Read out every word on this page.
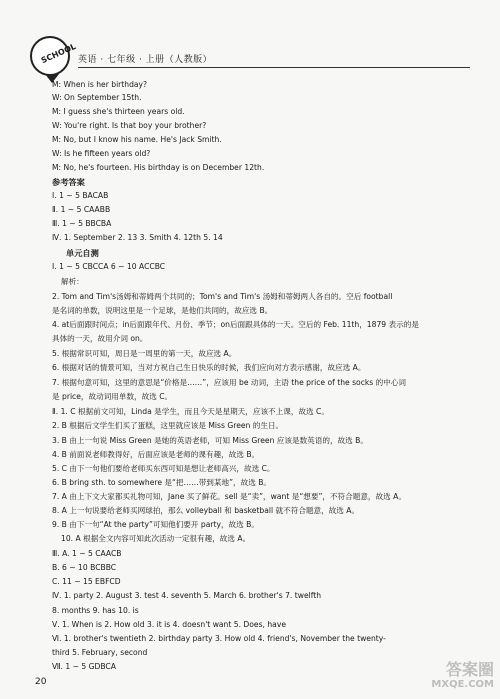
SCHOOL 英语 · 七年级 · 上册（人教版）
M: When is her birthday?
W: On September 15th.
M: I guess she's thirteen years old.
W: You're right. Is that boy your brother?
M: No, but I know his name. He's Jack Smith.
W: Is he fifteen years old?
M: No, he's fourteen. His birthday is on December 12th.
参考答案
Ⅰ. 1 ~ 5 BACAB
Ⅱ. 1 ~ 5 CAABB
Ⅲ. 1 ~ 5 BBCBA
Ⅳ. 1. September 2. 13 3. Smith 4. 12th 5. 14
单元自测
Ⅰ. 1 ~ 5 CBCCA 6 ~ 10 ACCBC
解析：
2. Tom and Tim's汤姆和蒂姆两个共同的；Tom's and Tim's 汤姆和蒂姆两人各自的。空后 football
是名词的单数，说明这里是一个足球，是他们共同的，故应选 B。
4. at后面跟时间点；in后面跟年代、月份、季节；on后面跟具体的一天。空后的 Feb. 11th，1879 表示的是
具体的一天，故用介词 on。
5. 根据常识可知，周日是一周里的第一天，故应选 A。
6. 根据对话的情景可知，当对方祝自己生日快乐的时候，我们应向对方表示感谢，故应选 A。
7. 根据句意可知，这里的意思是“价格是……”，应该用 be 动词，主语 the price of the socks 的中心词
是 price，故动词用单数，故选 C。
Ⅱ. 1. C 根据前文可知，Linda 是学生，而且今天是星期天，应该不上课，故选 C。
2. B 根据后文学生们买了蛋糕，这里就应该是 Miss Green 的生日。
3. B 由上一句说 Miss Green 是她的英语老师，可知 Miss Green 应该是数英语的，故选 B。
4. B 前面说老师教得好，后面应该是老师的课有趣，故选 B。
5. C 由下一句他们要给老师买东西可知是想让老师高兴，故选 C。
6. B bring sth. to somewhere 是“把……带到某地”，故选 B。
7. A 由上下文大家都买礼物可知，Jane 买了鲜花。sell 是“卖”，want 是“想要”，不符合题意，故选 A。
8. A 上一句说要给老师买网球拍，那么 volleyball 和 basketball 就不符合题意，故选 A。
9. B 由下一句“At the party”可知他们要开 party，故选 B。
10. A 根据全文内容可知此次活动一定很有趣，故选 A。
Ⅲ. A. 1 ~ 5 CAACB
B. 6 ~ 10 BCBBC
C. 11 ~ 15 EBFCD
Ⅳ. 1. party 2. August 3. test 4. seventh 5. March 6. brother's 7. twelfth
8. months 9. has 10. is
Ⅴ. 1. When is 2. How old 3. it is 4. doesn't want 5. Does, have
Ⅵ. 1. brother's twentieth 2. birthday party 3. How old 4. friend's, November the twenty-
third 5. February, second
Ⅶ. 1 ~ 5 GDBCA
20
答案圈
MXQE.COM
